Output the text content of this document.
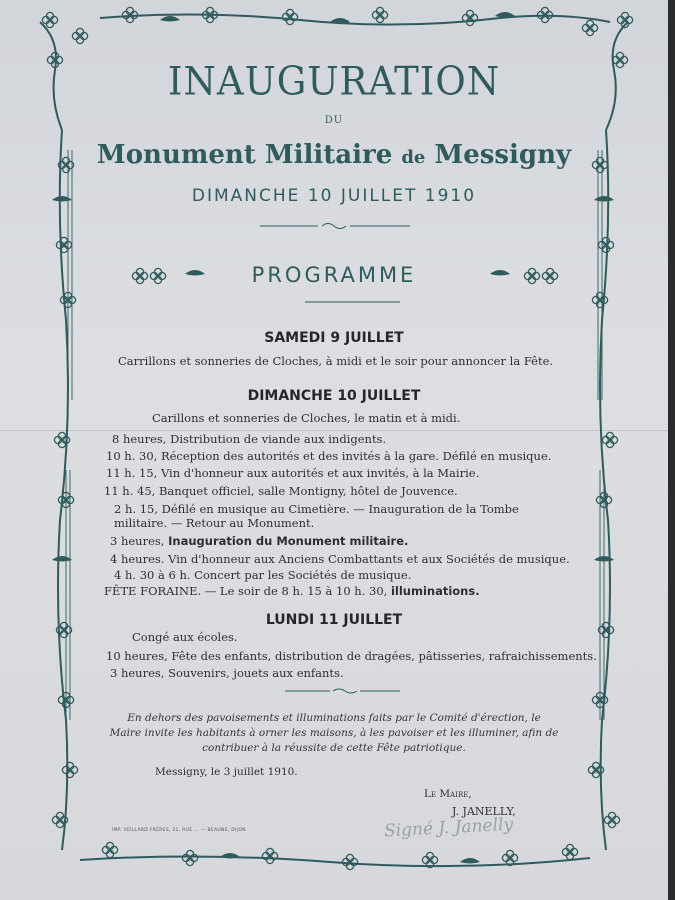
INAUGURATION
DU
Monument Militaire de Messigny
DIMANCHE 10 JUILLET 1910
PROGRAMME
SAMEDI 9 JUILLET
Carrillons et sonneries de Cloches, à midi et le soir pour annoncer la Fête.
DIMANCHE 10 JUILLET
Carillons et sonneries de Cloches, le matin et à midi.
8 heures, Distribution de viande aux indigents.
10 h. 30, Réception des autorités et des invités à la gare. Défilé en musique.
11 h. 15, Vin d'honneur aux autorités et aux invités, à la Mairie.
11 h. 45, Banquet officiel, salle Montigny, hôtel de Jouvence.
2 h. 15, Défilé en musique au Cimetière. — Inauguration de la Tombe
militaire. — Retour au Monument.
3 heures, Inauguration du Monument militaire.
4 heures. Vin d'honneur aux Anciens Combattants et aux Sociétés de musique.
4 h. 30 à 6 h. Concert par les Sociétés de musique.
FÊTE FORAINE. — Le soir de 8 h. 15 à 10 h. 30, illuminations.
LUNDI 11 JUILLET
Congé aux écoles.
10 heures, Fête des enfants, distribution de dragées, pâtisseries, rafraichissements.
3 heures, Souvenirs, jouets aux enfants.
En dehors des pavoisements et illuminations faits par le Comité d'érection, le
Maire invite les habitants à orner les maisons, à les pavoiser et les illuminer, afin de
contribuer à la réussite de cette Fête patriotique.
Messigny, le 3 juillet 1910.
Le Maire,
J. JANELLY,
Signé J. Janelly
IMP. VEILLARD FRÈRES, 21, RUE ... — BEAUNE, DIJON
